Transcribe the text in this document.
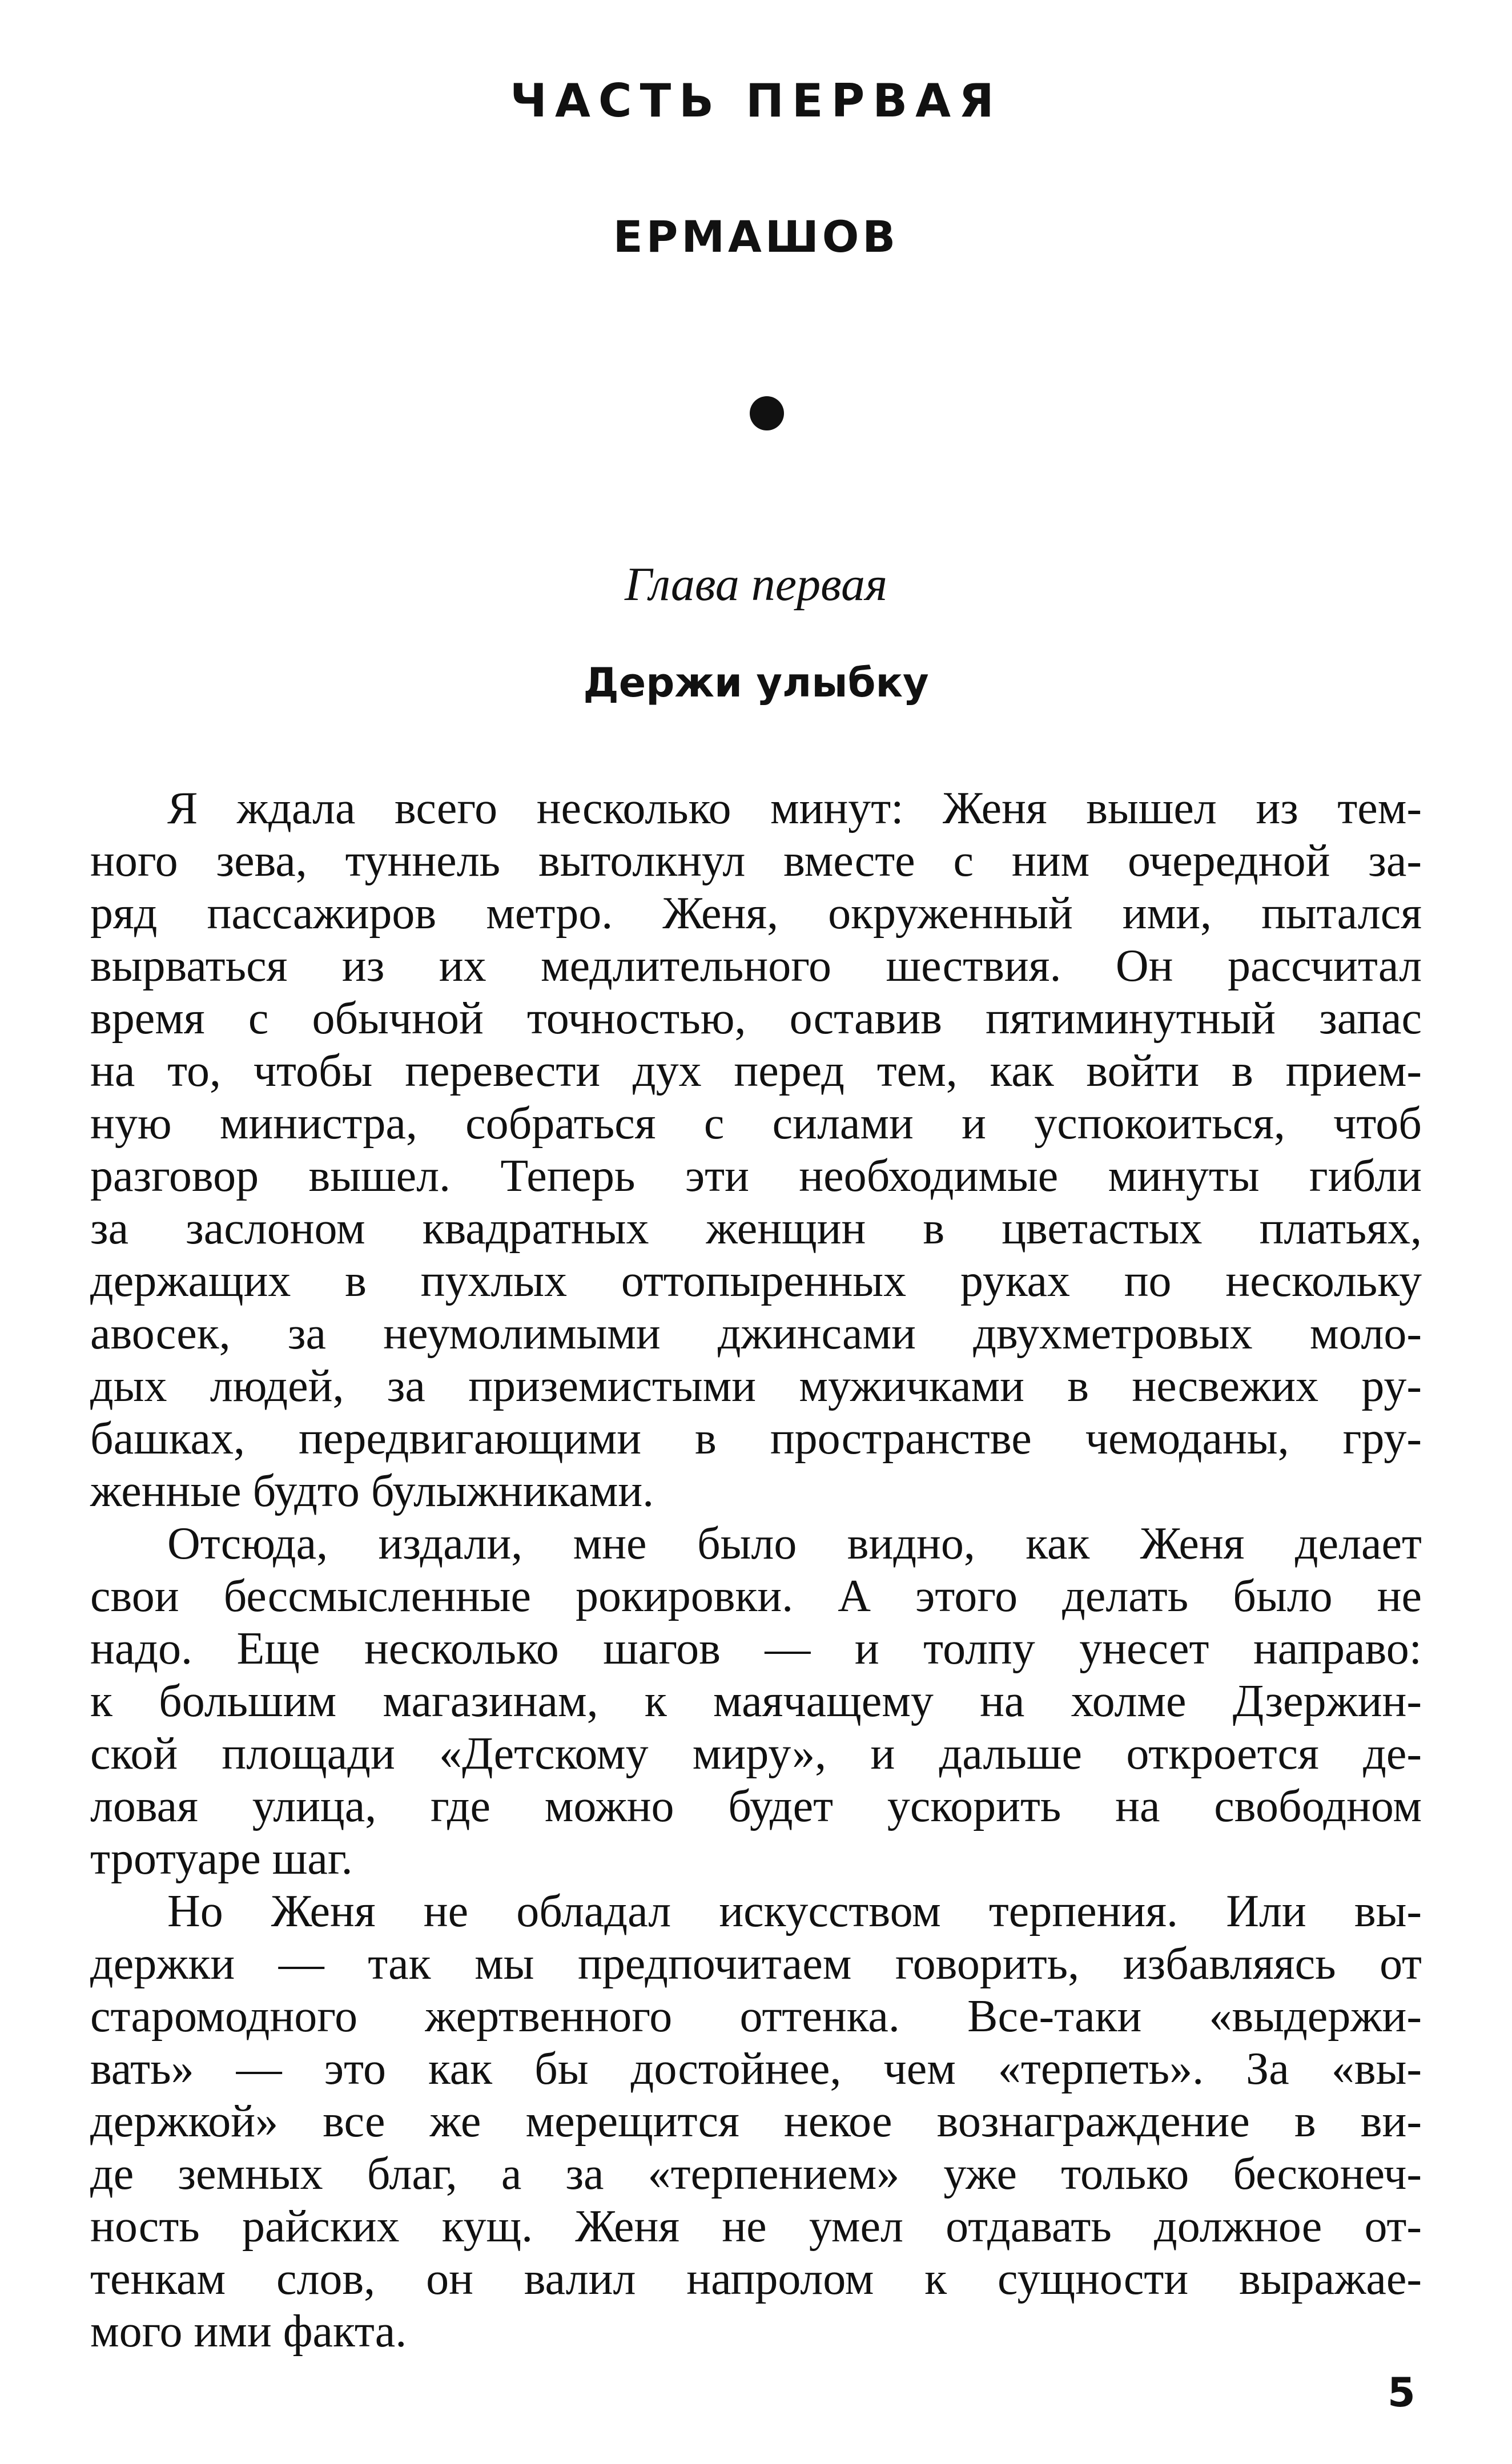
ЧАСТЬ ПЕРВАЯ
ЕРМАШОВ
Глава первая
Держи улыбку
Я ждала всего несколько минут: Женя вышел из тем-
ного зева, туннель вытолкнул вместе с ним очередной за-
ряд пассажиров метро. Женя, окруженный ими, пытался
вырваться из их медлительного шествия. Он рассчитал
время с обычной точностью, оставив пятиминутный запас
на то, чтобы перевести дух перед тем, как войти в прием-
ную министра, собраться с силами и успокоиться, чтоб
разговор вышел. Теперь эти необходимые минуты гибли
за заслоном квадратных женщин в цветастых платьях,
держащих в пухлых оттопыренных руках по нескольку
авосек, за неумолимыми джинсами двухметровых моло-
дых людей, за приземистыми мужичками в несвежих ру-
башках, передвигающими в пространстве чемоданы, гру-
женные будто булыжниками.
Отсюда, издали, мне было видно, как Женя делает
свои бессмысленные рокировки. А этого делать было не
надо. Еще несколько шагов — и толпу унесет направо:
к большим магазинам, к маячащему на холме Дзержин-
ской площади «Детскому миру», и дальше откроется де-
ловая улица, где можно будет ускорить на свободном
тротуаре шаг.
Но Женя не обладал искусством терпения. Или вы-
держки — так мы предпочитаем говорить, избавляясь от
старомодного жертвенного оттенка. Все-таки «выдержи-
вать» — это как бы достойнее, чем «терпеть». За «вы-
держкой» все же мерещится некое вознаграждение в ви-
де земных благ, а за «терпением» уже только бесконеч-
ность райских кущ. Женя не умел отдавать должное от-
тенкам слов, он валил напролом к сущности выражае-
мого ими факта.
5
